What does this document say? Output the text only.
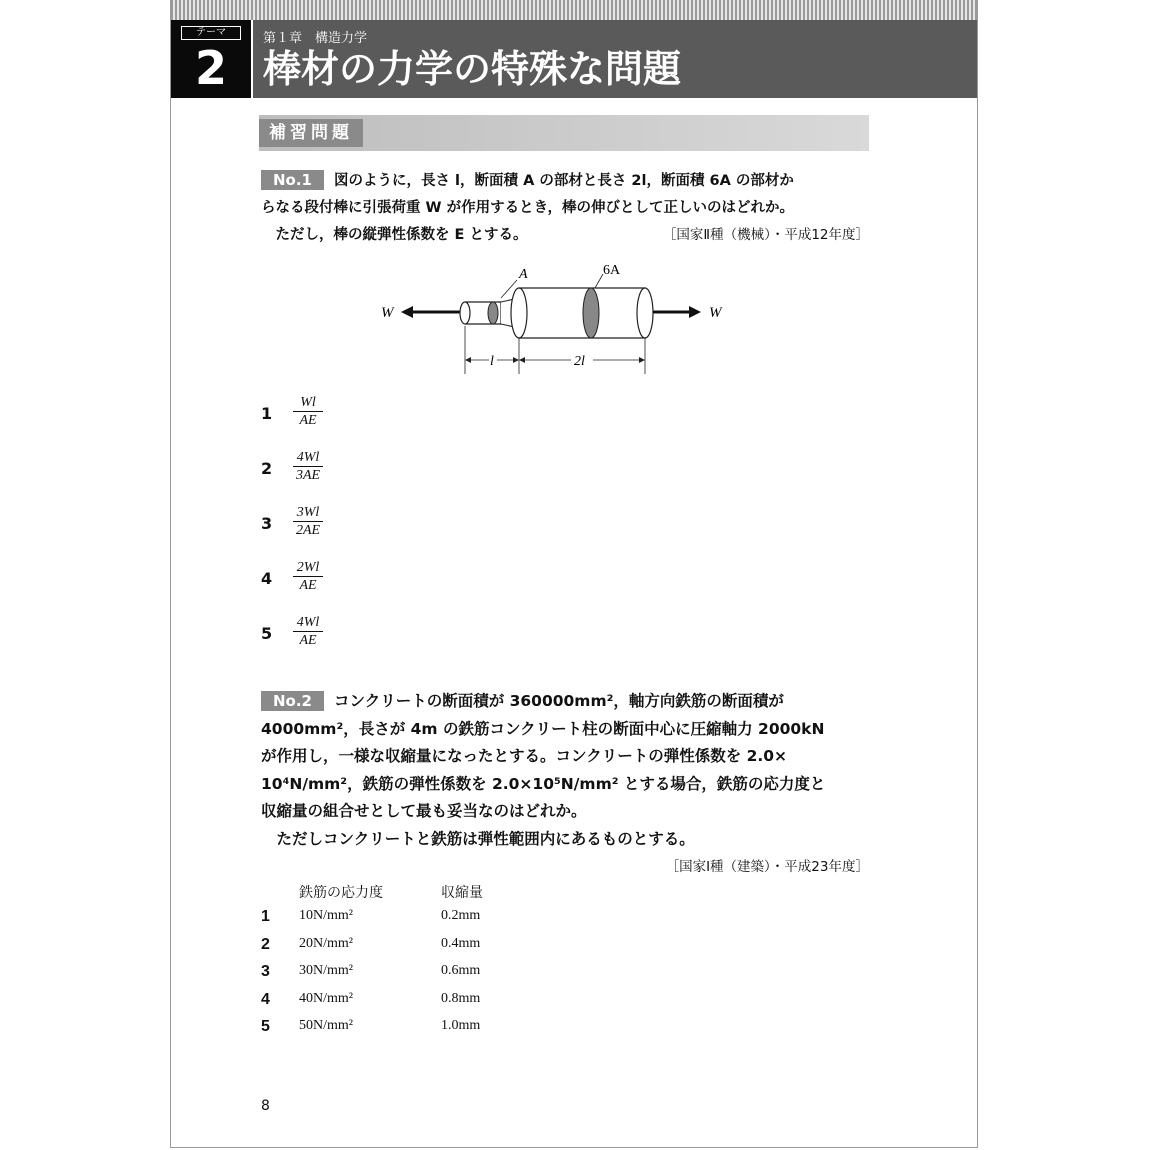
テーマ
2
第１章　構造力学
棒材の力学の特殊な問題
補習問題
No.1 図のように，長さ l，断面積 A の部材と長さ 2l，断面積 6A の部材か
らなる段付棒に引張荷重 W が作用するとき，棒の伸びとして正しいのはどれか。
　ただし，棒の縦弾性係数を E とする。	［国家Ⅱ種（機械）・平成12年度］
W
A	6A
W
l	2l
$1 \frac{Wl}{AE}$
$2 \frac{4Wl}{3AE}$
$3 \frac{3Wl}{2AE}$
$4 \frac{2Wl}{AE}$
$5 \frac{4Wl}{AE}$
No.2 コンクリートの断面積が 360000mm²，軸方向鉄筋の断面積が
4000mm²，長さが 4m の鉄筋コンクリート柱の断面中心に圧縮軸力 2000kN
が作用し，一様な収縮量になったとする。コンクリートの弾性係数を 2.0×
10⁴N/mm²，鉄筋の弾性係数を 2.0×10⁵N/mm² とする場合，鉄筋の応力度と
収縮量の組合せとして最も妥当なのはどれか。
　ただしコンクリートと鉄筋は弾性範囲内にあるものとする。
［国家Ⅰ種（建築）・平成23年度］
鉄筋の応力度	収縮量
1 10N/mm²	0.2mm
2 20N/mm²	0.4mm
3 30N/mm²	0.6mm
4 40N/mm²	0.8mm
5 50N/mm²	1.0mm
8
